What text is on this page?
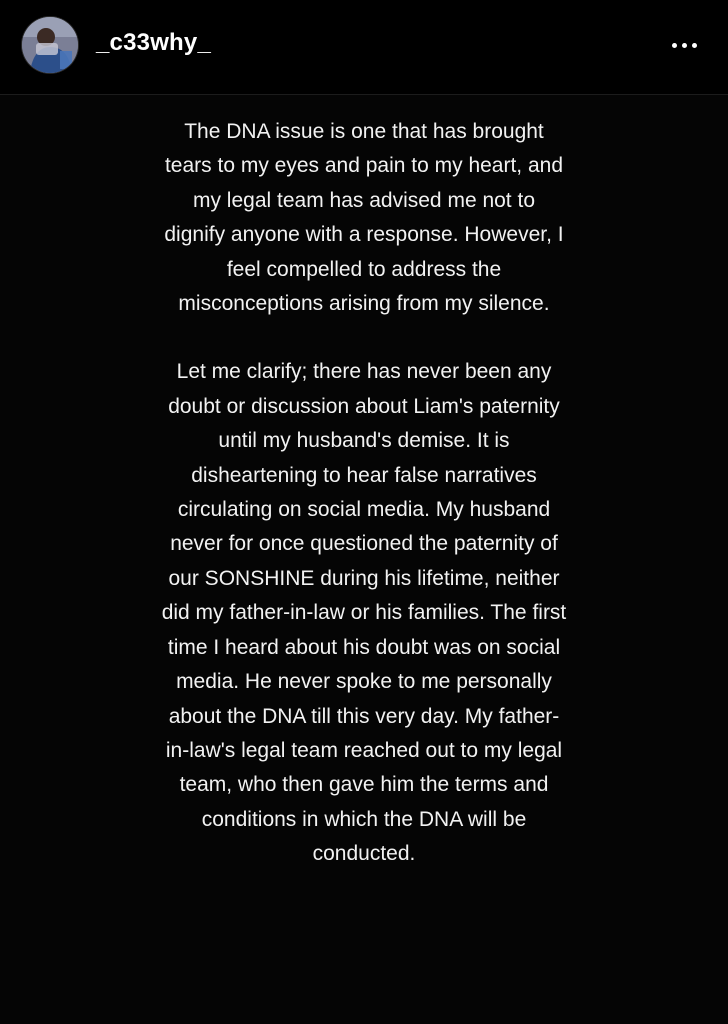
_c33why_

The DNA issue is one that has brought tears to my eyes and pain to my heart, and my legal team has advised me not to dignify anyone with a response. However, I feel compelled to address the misconceptions arising from my silence.

Let me clarify; there has never been any doubt or discussion about Liam's paternity until my husband's demise. It is disheartening to hear false narratives circulating on social media. My husband never for once questioned the paternity of our SONSHINE during his lifetime, neither did my father-in-law or his families. The first time I heard about his doubt was on social media. He never spoke to me personally about the DNA till this very day. My father-in-law's legal team reached out to my legal team, who then gave him the terms and conditions in which the DNA will be conducted.
